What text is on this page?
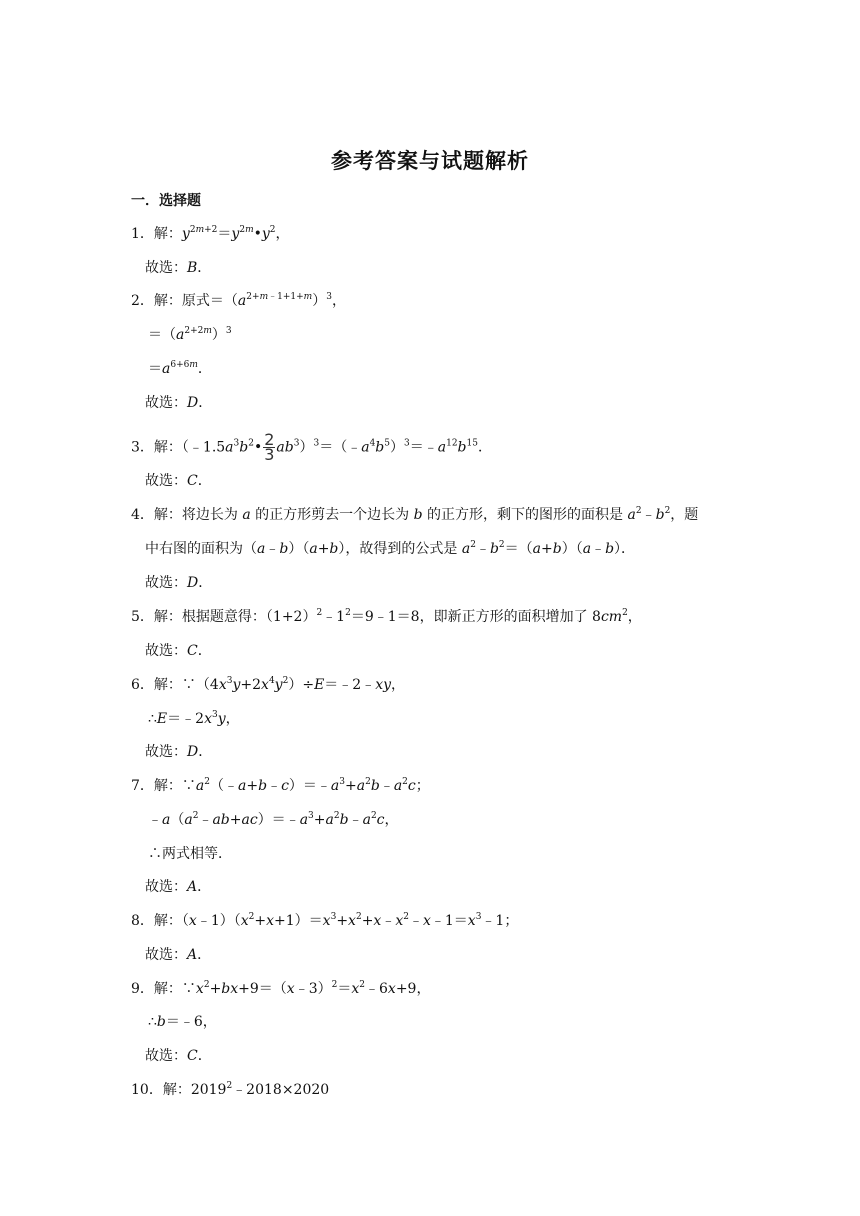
参考答案与试题解析
一．选择题
1．解：$y^{2m+2}=y^{2m}•y^2$，
故选：B．
2．解：原式$=(a^{2+m﹣1+1+m})^3$，
$=(a^{2+2m})^3$
$=a^{6+6m}$．
故选：D．
3．解：（$﹣1.5a^3b^2• \frac{2}{3}$ $ab^3)^3=(﹣a^4b^5)^3=﹣a^{12}b^{15}$．
故选：C．
4．解：将边长为 a 的正方形剪去一个边长为 b 的正方形，剩下的图形的面积是 $a^2﹣b^2$，题
中右图的面积为（a﹣b）（a+b），故得到的公式是 $a^2﹣b^2=(a+b)(a﹣b)$．
故选：D．
5．解：根据题意得：$(1+2)^2﹣1^2=9﹣1=8$，即新正方形的面积增加了 $8cm^2$，
故选：C．
6．解：$\because(4x^3y+2x^4y^2)\div E=﹣2﹣xy$，
$\therefore E=﹣2x^3y$，
故选：D．
7．解：$\because a^2(﹣a+b﹣c)=﹣a^3+a^2b﹣a^2c$；
$﹣a(a^2﹣ab+ac)=﹣a^3+a^2b﹣a^2c$，
∴两式相等．
故选：A．
8．解：$(x﹣1)(x^2+x+1)=x^3+x^2+x﹣x^2﹣x﹣1=x^3﹣1$；
故选：A．
9．解：$\because x^2+bx+9=(x﹣3)^2=x^2﹣6x+9$，
∴b＝﹣6，
故选：C．
10．解：$2019^2﹣2018\times 2020$
